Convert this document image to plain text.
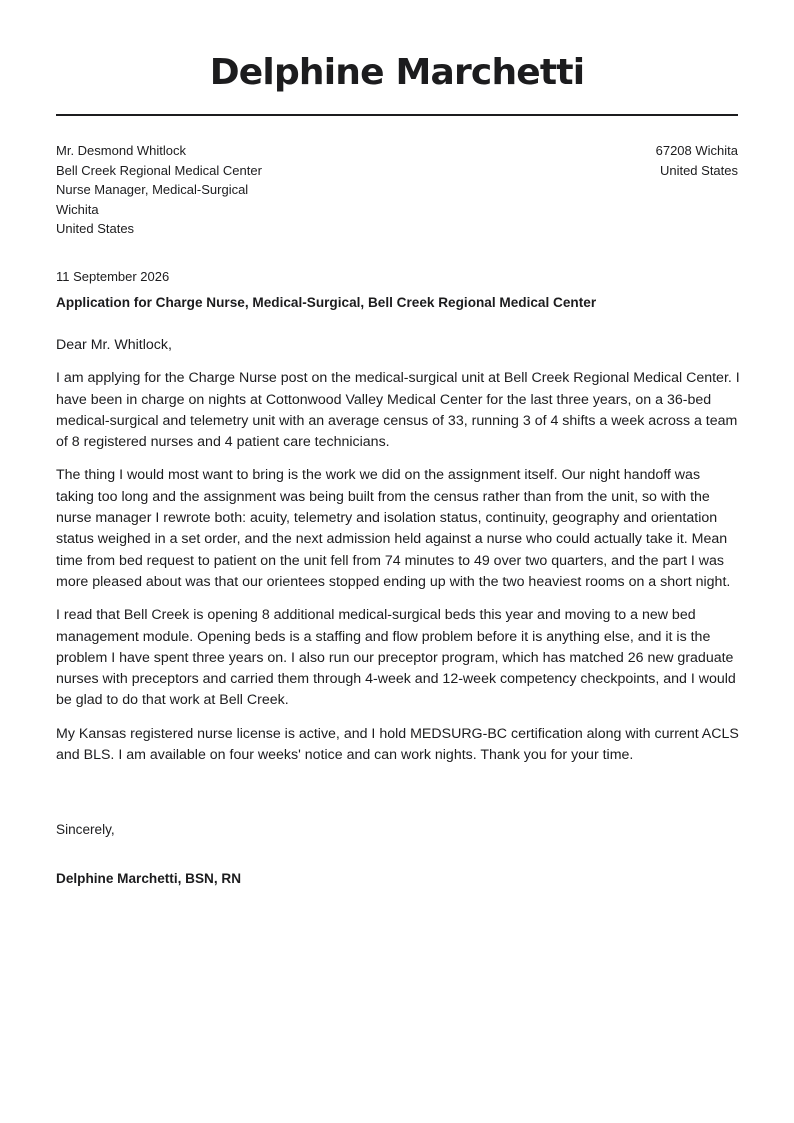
Delphine Marchetti
Mr. Desmond Whitlock
Bell Creek Regional Medical Center
Nurse Manager, Medical-Surgical
Wichita
United States
67208 Wichita
United States
11 September 2026
Application for Charge Nurse, Medical-Surgical, Bell Creek Regional Medical Center

Dear Mr. Whitlock,

I am applying for the Charge Nurse post on the medical-surgical unit at Bell Creek Regional Medical Center. I have been in charge on nights at Cottonwood Valley Medical Center for the last three years, on a 36-bed medical-surgical and telemetry unit with an average census of 33, running 3 of 4 shifts a week across a team of 8 registered nurses and 4 patient care technicians.

The thing I would most want to bring is the work we did on the assignment itself. Our night handoff was taking too long and the assignment was being built from the census rather than from the unit, so with the nurse manager I rewrote both: acuity, telemetry and isolation status, continuity, geography and orientation status weighed in a set order, and the next admission held against a nurse who could actually take it. Mean time from bed request to patient on the unit fell from 74 minutes to 49 over two quarters, and the part I was more pleased about was that our orientees stopped ending up with the two heaviest rooms on a short night.

I read that Bell Creek is opening 8 additional medical-surgical beds this year and moving to a new bed management module. Opening beds is a staffing and flow problem before it is anything else, and it is the problem I have spent three years on. I also run our preceptor program, which has matched 26 new graduate nurses with preceptors and carried them through 4-week and 12-week competency checkpoints, and I would be glad to do that work at Bell Creek.

My Kansas registered nurse license is active, and I hold MEDSURG-BC certification along with current ACLS and BLS. I am available on four weeks' notice and can work nights. Thank you for your time.

Sincerely,
Delphine Marchetti, BSN, RN
